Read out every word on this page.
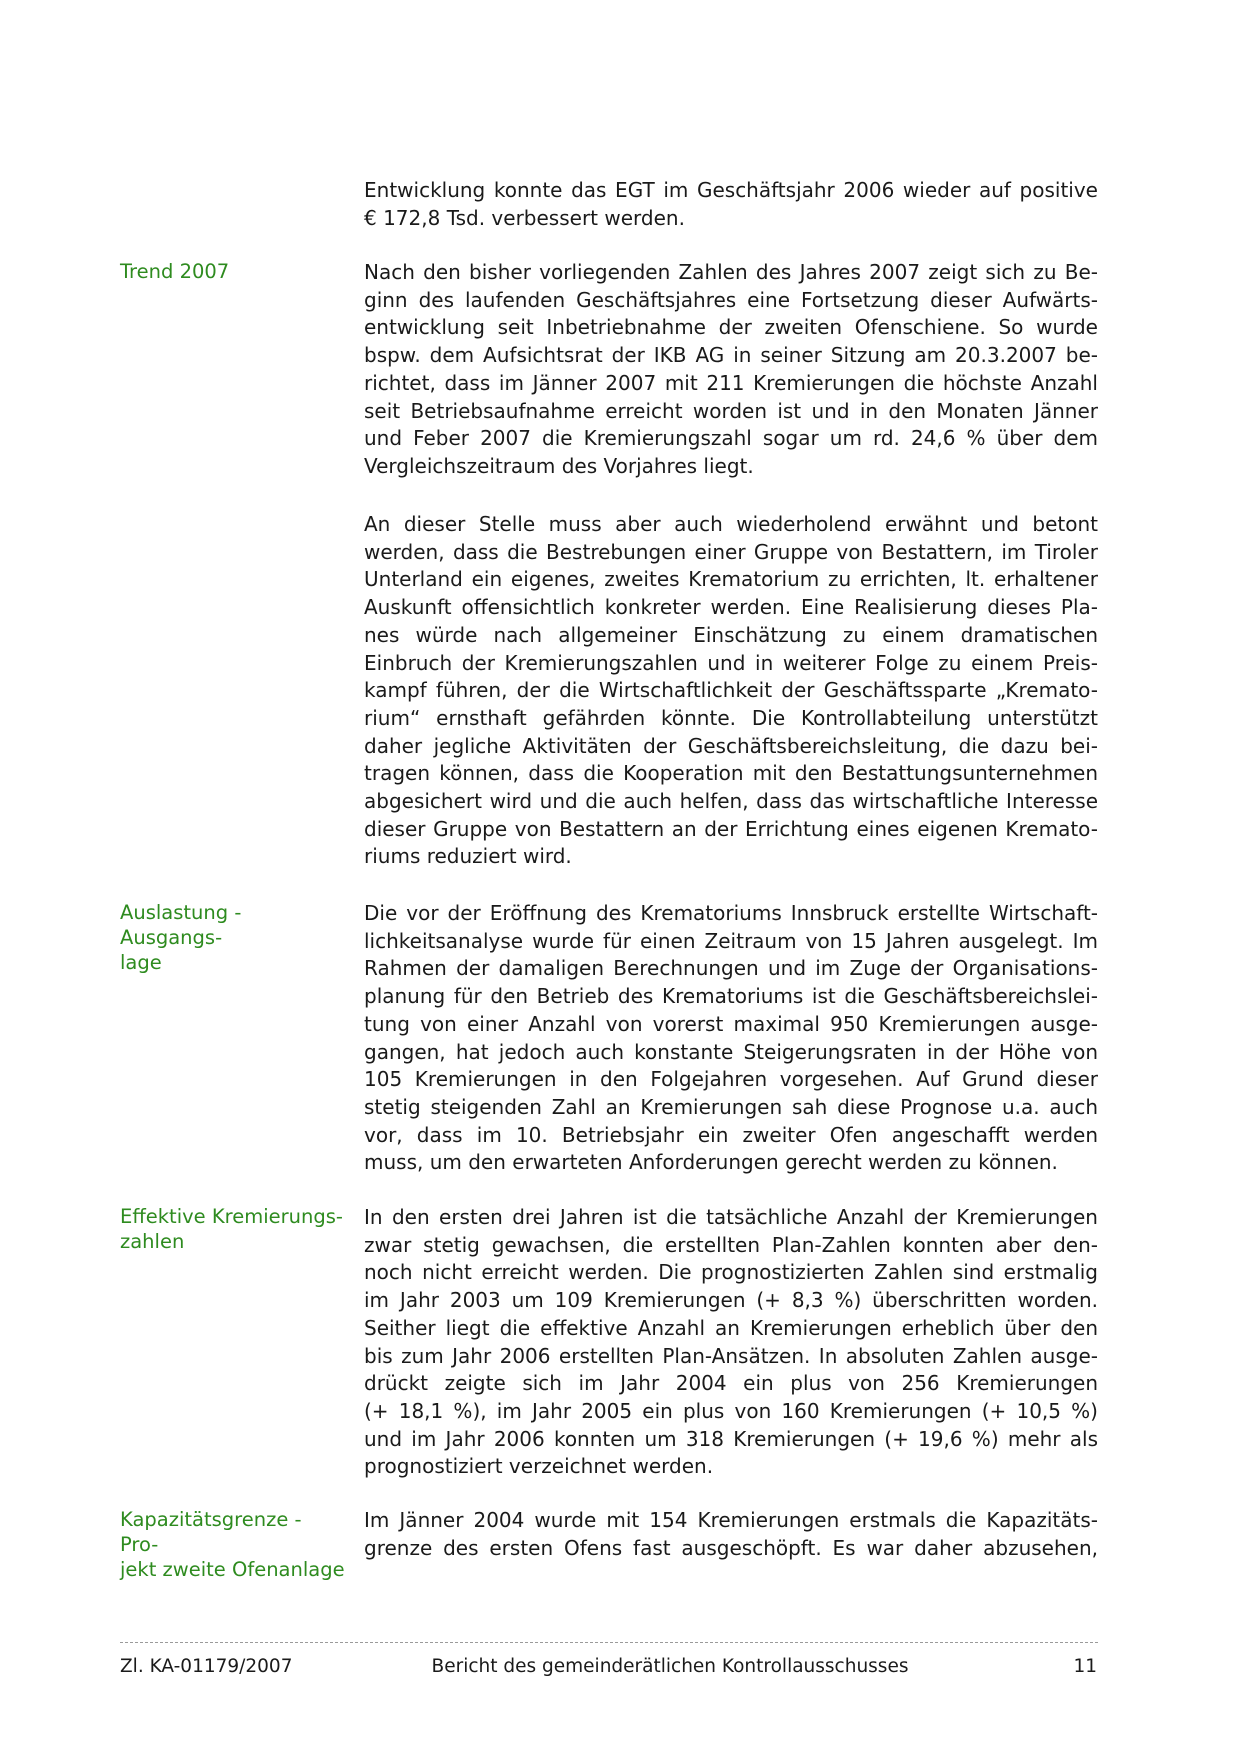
Entwicklung konnte das EGT im Geschäftsjahr 2006 wieder auf positive
€ 172,8 Tsd. verbessert werden.
Trend 2007	Nach den bisher vorliegenden Zahlen des Jahres 2007 zeigt sich zu Be-
ginn des laufenden Geschäftsjahres eine Fortsetzung dieser Aufwärts-
entwicklung seit Inbetriebnahme der zweiten Ofenschiene. So wurde
bspw. dem Aufsichtsrat der IKB AG in seiner Sitzung am 20.3.2007 be-
richtet, dass im Jänner 2007 mit 211 Kremierungen die höchste Anzahl
seit Betriebsaufnahme erreicht worden ist und in den Monaten Jänner
und Feber 2007 die Kremierungszahl sogar um rd. 24,6 % über dem
Vergleichszeitraum des Vorjahres liegt.
An dieser Stelle muss aber auch wiederholend erwähnt und betont
werden, dass die Bestrebungen einer Gruppe von Bestattern, im Tiroler
Unterland ein eigenes, zweites Krematorium zu errichten, lt. erhaltener
Auskunft offensichtlich konkreter werden. Eine Realisierung dieses Pla-
nes würde nach allgemeiner Einschätzung zu einem dramatischen
Einbruch der Kremierungszahlen und in weiterer Folge zu einem Preis-
kampf führen, der die Wirtschaftlichkeit der Geschäftssparte „Kremato-
rium“ ernsthaft gefährden könnte. Die Kontrollabteilung unterstützt
daher jegliche Aktivitäten der Geschäftsbereichsleitung, die dazu bei-
tragen können, dass die Kooperation mit den Bestattungsunternehmen
abgesichert wird und die auch helfen, dass das wirtschaftliche Interesse
dieser Gruppe von Bestattern an der Errichtung eines eigenen Kremato-
riums reduziert wird.
Auslastung - Ausgangs-
lage
Die vor der Eröffnung des Krematoriums Innsbruck erstellte Wirtschaft-
lichkeitsanalyse wurde für einen Zeitraum von 15 Jahren ausgelegt. Im
Rahmen der damaligen Berechnungen und im Zuge der Organisations-
planung für den Betrieb des Krematoriums ist die Geschäftsbereichslei-
tung von einer Anzahl von vorerst maximal 950 Kremierungen ausge-
gangen, hat jedoch auch konstante Steigerungsraten in der Höhe von
105 Kremierungen in den Folgejahren vorgesehen. Auf Grund dieser
stetig steigenden Zahl an Kremierungen sah diese Prognose u.a. auch
vor, dass im 10. Betriebsjahr ein zweiter Ofen angeschafft werden
muss, um den erwarteten Anforderungen gerecht werden zu können.
Effektive Kremierungs-
zahlen
In den ersten drei Jahren ist die tatsächliche Anzahl der Kremierungen
zwar stetig gewachsen, die erstellten Plan-Zahlen konnten aber den-
noch nicht erreicht werden. Die prognostizierten Zahlen sind erstmalig
im Jahr 2003 um 109 Kremierungen (+ 8,3 %) überschritten worden.
Seither liegt die effektive Anzahl an Kremierungen erheblich über den
bis zum Jahr 2006 erstellten Plan-Ansätzen. In absoluten Zahlen ausge-
drückt zeigte sich im Jahr 2004 ein plus von 256 Kremierungen
(+ 18,1 %), im Jahr 2005 ein plus von 160 Kremierungen (+ 10,5 %)
und im Jahr 2006 konnten um 318 Kremierungen (+ 19,6 %) mehr als
prognostiziert verzeichnet werden.
Kapazitätsgrenze - Pro-
jekt zweite Ofenanlage
Im Jänner 2004 wurde mit 154 Kremierungen erstmals die Kapazitäts-
grenze des ersten Ofens fast ausgeschöpft. Es war daher abzusehen,
Zl. KA-01179/2007	Bericht des gemeinderätlichen Kontrollausschusses	11
